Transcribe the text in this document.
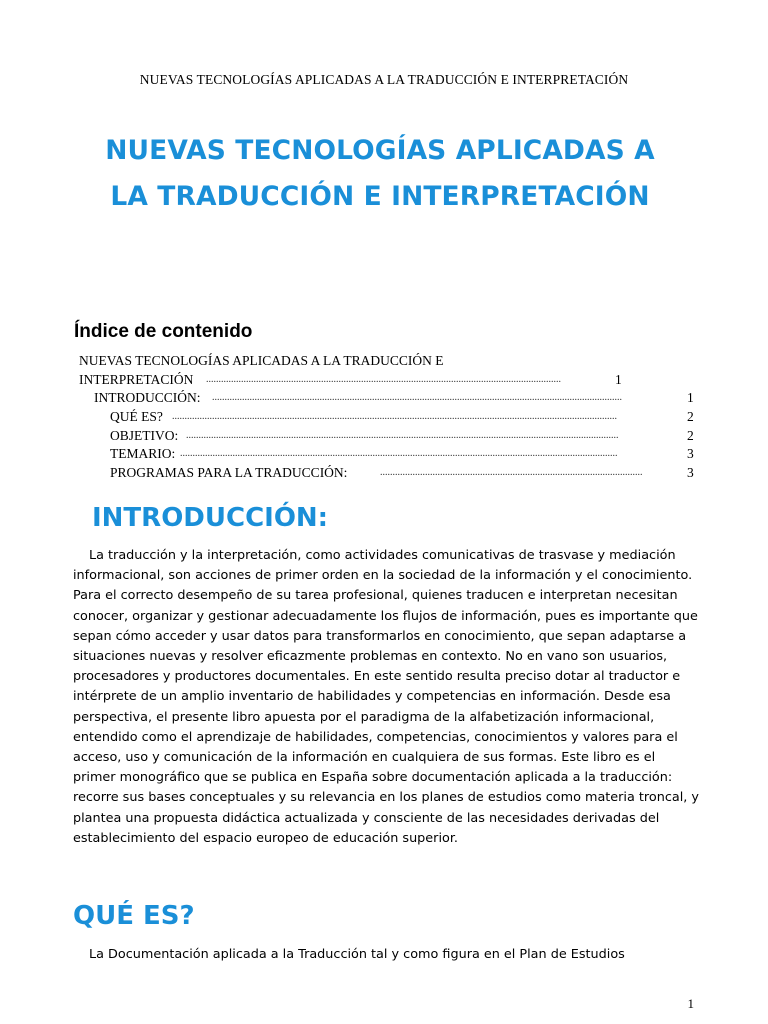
NUEVAS TECNOLOGÍAS APLICADAS A LA TRADUCCIÓN E INTERPRETACIÓN
NUEVAS TECNOLOGÍAS APLICADAS A
LA TRADUCCIÓN E INTERPRETACIÓN
Índice de contenido
NUEVAS TECNOLOGÍAS APLICADAS A LA TRADUCCIÓN E
INTERPRETACIÓN ..............................................................................................................................................	1
INTRODUCCIÓN: ....................................................................................................................................................................	1
QUÉ ES? ..................................................................................................................................................................................	2
OBJETIVO: .............................................................................................................................................................................	2
TEMARIO: ...............................................................................................................................................................................	3
PROGRAMAS PARA LA TRADUCCIÓN:	.........................................................................................................	3
INTRODUCCIÓN:

La traducción y la interpretación, como actividades comunicativas de trasvase y mediación informacional, son acciones de primer orden en la sociedad de la información y el conocimiento. Para el correcto desempeño de su tarea profesional, quienes traducen e interpretan necesitan conocer, organizar y gestionar adecuadamente los flujos de información, pues es importante que sepan cómo acceder y usar datos para transformarlos en conocimiento, que sepan adaptarse a situaciones nuevas y resolver eficazmente problemas en contexto. No en vano son usuarios, procesadores y productores documentales. En este sentido resulta preciso dotar al traductor e intérprete de un amplio inventario de habilidades y competencias en información. Desde esa perspectiva, el presente libro apuesta por el paradigma de la alfabetización informacional, entendido como el aprendizaje de habilidades, competencias, conocimientos y valores para el acceso, uso y comunicación de la información en cualquiera de sus formas. Este libro es el primer monográfico que se publica en España sobre documentación aplicada a la traducción: recorre sus bases conceptuales y su relevancia en los planes de estudios como materia troncal, y plantea una propuesta didáctica actualizada y consciente de las necesidades derivadas del establecimiento del espacio europeo de educación superior.

QUÉ ES?

La Documentación aplicada a la Traducción tal y como figura en el Plan de Estudios

1
